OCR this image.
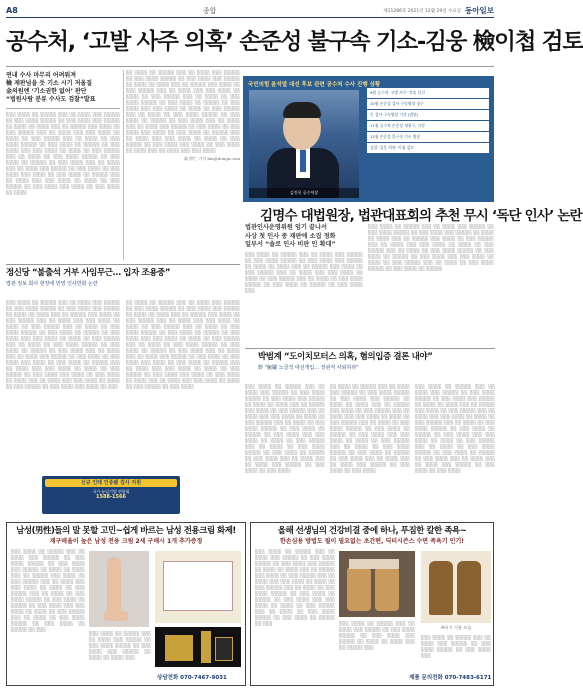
A8	종합	제11286호 2021년 12월 29일 수요일 동아일보
공수처, ‘고발 사주 의혹’ 손준성 불구속 기소-김웅 檢이첩 검토
연내 수사 마무리 어려워져
檢 재판넘을 듯 기소 시기 저울질
金의원엔 ‘기소권한 없어’ 판단
“법원사람 분류 수사도 검찰”발표
░░░ ░░░░ ░░ ░░░░░ ░░░ ░░ ░░░░ ░░░ ░░░░░ ░░ ░░░ ░░░░ ░░░░░ ░░ ░░░ ░░░░ ░░░ ░░░░░ ░░ ░░░░ ░░ ░░░░ ░░░ ░░ ░░░░░ ░░░ ░░░░ ░░ ░░░ ░░░░░ ░░░ ░░ ░░░░ ░░░ ░░░ ░░░░ ░░ ░░░░ ░░ ░░░ ░░░░░ ░░░ ░░ ░░░░ ░░ ░░░ ░░░░ ░░░░░ ░░ ░░░ ░░░░ ░░ ░░░░░ ░░ ░░░ ░░░░ ░░░ ░░░ ░░░░ ░░ ░░░░ ░░ ░░░ ░░░░░ ░░░ ░░ ░░░░ ░░ ░░░ ░░░░ ░░░░░ ░░ ░░░ ░░░░ ░░ ░░░░░ ░░ ░░░ ░░░░ ░░░ ░░ ░░░░ ░░░ ░░ ░░░░ ░░░ ░░░░░ ░░ ░░░ ░░░░ ░░ ░░░ ░░░░ ░░░ ░░░░ ░░ ░░░ ░░░░ ░░ ░░░░░ ░░░ ░░ ░░░░ ░░░ ░░░ ░░░░ ░░ ░░░░ ░░ ░░░ ░░░░░ ░░ ░░░ ░░░░ ░░░ ░░░░ ░░ ░░░ ░░░░ ░░ ░░░░
░░ ░░░░ ░░ ░░░░░ ░░░ ░░ ░░░░ ░░░ ░░░░░ ░░ ░░░ ░░░░ ░░░░░ ░░ ░░░ ░░░░ ░░░ ░░░░░ ░░ ░░░░ ░░ ░░░░ ░░░ ░░ ░░░░░ ░░░ ░░░░ ░░ ░░░ ░░░░░ ░░░ ░░ ░░░░ ░░░ ░░░ ░░░░ ░░ ░░░░ ░░ ░░░ ░░░░░ ░░░ ░░ ░░░░ ░░ ░░░ ░░░░ ░░░░░ ░░ ░░░ ░░░░ ░░ ░░░░░ ░░ ░░░ ░░░░ ░░░ ░░░ ░░░░ ░░ ░░░░ ░░ ░░░ ░░░░░ ░░░ ░░ ░░░░ ░░ ░░░ ░░░░ ░░░░░ ░░ ░░░ ░░░░ ░░ ░░░░░ ░░ ░░░ ░░░░ ░░░ ░░ ░░░░ ░░░ ░░ ░░░░ ░░░ ░░░░░ ░░ ░░░ ░░░░ ░░ ░░░ ░░░░ ░░░ ░░░░ ░░ ░░░ ░░░░ ░░ ░░░░░ ░░░ ░░ ░░░░ ░░░ ░░░ ░░░░ ░░ ░░░░ ░░ ░░░ ░░░░░ ░░ ░░░ ░░░░ ░░░ ░░░░ ░░ ░░░ ░░░░ ░░ ░░░░ ░░░ ░░ ░░░░ ░░░ ░░░ ░░░░
高 伊仁 기자 hm@donga.com
국민의힘 윤석열 대선 후보 관련 공수처 수사 진행 상황
김진욱 공수처장
9월 공수처 ‘고발 사주’ 의혹 입건
10월 손준성 검사 구속영장 청구
손 검사 구속영장 기각 (법원)
11월 공수처 손준성 재청구, 기각
12월 손준성 불구속 기소 방침
검찰 ‘김웅 의원’ 이첩 검토
김명수 대법원장, 법관대표회의 추천 무시 ‘독단 인사’ 논란
법관인사운영위원 임기 끝나서
사상 첫 인사 중 재판에 소집 정화
일부서 “솔로 인사 비판 인 확대”
░░░ ░░░░ ░░ ░░░░░ ░░░ ░░ ░░░░ ░░░ ░░░░░ ░░ ░░░ ░░░░ ░░░░░ ░░ ░░░ ░░░░ ░░░ ░░░░░ ░░ ░░░░ ░░ ░░░░ ░░░ ░░ ░░░░░ ░░░ ░░░░ ░░ ░░░ ░░░░░ ░░░ ░░ ░░░░ ░░░ ░░░ ░░░░ ░░ ░░░░ ░░ ░░░ ░░░░░ ░░░ ░░ ░░░░ ░░ ░░░ ░░░░ ░░░░░ ░░ ░░░ ░░░░ ░░ ░░░░░ ░░ ░░░ ░░░░ ░░░ ░░░ ░░░░ ░░ ░░░░ ░░ ░░░ ░░░░░ ░░░ ░░ ░░░░ ░░ ░░░ ░░░░ ░░░░░ ░░ ░░░ ░░░░ ░░ ░░░░░
░░░ ░░░░ ░░ ░░░░░ ░░░ ░░ ░░░░ ░░░ ░░░░░ ░░ ░░░ ░░░░ ░░░░░ ░░ ░░░ ░░░░ ░░░ ░░░░░ ░░ ░░░░ ░░ ░░░░ ░░░ ░░ ░░░░░ ░░░ ░░░░ ░░ ░░░ ░░░░░ ░░░ ░░ ░░░░ ░░░ ░░░ ░░░░ ░░ ░░░░ ░░ ░░░ ░░░░░ ░░░ ░░ ░░░░ ░░ ░░░ ░░░░ ░░░░░ ░░ ░░░ ░░░░ ░░ ░░░░░ ░░ ░░░ ░░░░ ░░░
정신당 “불출석 거부 사임무근… 입자 조용중”
법관 정보 회사 현장에 반영 인사반화 논란
░░░ ░░░░ ░░ ░░░░░ ░░░ ░░ ░░░░ ░░░ ░░░░░ ░░ ░░░ ░░░░ ░░░░░ ░░ ░░░ ░░░░ ░░░ ░░░░░ ░░ ░░░░ ░░ ░░░░ ░░░ ░░ ░░░░░ ░░░ ░░░░ ░░ ░░░ ░░░░░ ░░░ ░░ ░░░░ ░░░ ░░░ ░░░░ ░░ ░░░░ ░░ ░░░ ░░░░░ ░░░ ░░ ░░░░ ░░ ░░░ ░░░░ ░░░░░ ░░ ░░░ ░░░░ ░░ ░░░░░ ░░ ░░░ ░░░░ ░░░ ░░░ ░░░░ ░░ ░░░░ ░░ ░░░ ░░░░░ ░░░ ░░ ░░░░ ░░ ░░░ ░░░░ ░░░░░ ░░ ░░░ ░░░░ ░░ ░░░░░ ░░ ░░░ ░░░░ ░░░ ░░ ░░░░ ░░░ ░░ ░░░░ ░░░ ░░░░░ ░░ ░░░ ░░░░ ░░ ░░░ ░░░░ ░░░ ░░░░ ░░ ░░░ ░░░░ ░░ ░░░░░ ░░░ ░░ ░░░░ ░░░ ░░░ ░░░░ ░░ ░░░░ ░░ ░░░ ░░░░░ ░░ ░░░ ░░░░ ░░░ ░░░░ ░░ ░░░ ░░░░ ░░ ░░░░ ░░░ ░░ ░░░░ ░░░ ░░░ ░░░░ ░░ ░░░░ ░░ ░░░ ░░░░░ ░░ ░░░ ░░░░ ░░░ ░░░░ ░░ ░░░
░░ ░░░░ ░░ ░░░░░ ░░░ ░░ ░░░░ ░░░ ░░░░░ ░░ ░░░ ░░░░ ░░░░░ ░░ ░░░ ░░░░ ░░░ ░░░░░ ░░ ░░░░ ░░ ░░░░ ░░░ ░░ ░░░░░ ░░░ ░░░░ ░░ ░░░ ░░░░░ ░░░ ░░ ░░░░ ░░░ ░░░ ░░░░ ░░ ░░░░ ░░ ░░░ ░░░░░ ░░░ ░░ ░░░░ ░░ ░░░ ░░░░ ░░░░░ ░░ ░░░ ░░░░ ░░ ░░░░░ ░░ ░░░ ░░░░ ░░░ ░░░ ░░░░ ░░ ░░░░ ░░ ░░░ ░░░░░ ░░░ ░░ ░░░░ ░░ ░░░ ░░░░ ░░░░░ ░░ ░░░ ░░░░ ░░ ░░░░░ ░░ ░░░ ░░░░ ░░░ ░░ ░░░░ ░░░ ░░ ░░░░ ░░░ ░░░░░ ░░ ░░░ ░░░░ ░░ ░░░ ░░░░ ░░░ ░░░░ ░░ ░░░ ░░░░ ░░ ░░░░░ ░░░ ░░ ░░░░ ░░░ ░░░ ░░░░ ░░ ░░░░ ░░ ░░░ ░░░░░ ░░ ░░░ ░░░░ ░░░ ░░░░ ░░ ░░░ ░░░░ ░░ ░░░░ ░░░ ░░ ░░░░ ░░░ ░░░ ░░░░ ░░ ░░░░ ░░ ░░░ ░░░░░ ░░ ░░░ ░░░░
신규 인테 인증됐 검사 지원
국가 뉴딜기업 연합회
1588-1566
박범계 “도이치모터스 의혹, 혐의입증 결론 내야”
野 “鮑鬮 노골적 대선개입… 장관직 사퇴하라”
░░░ ░░░░ ░░ ░░░░░ ░░░ ░░ ░░░░ ░░░ ░░░░░ ░░ ░░░ ░░░░ ░░░░░ ░░ ░░░ ░░░░ ░░░ ░░░░░ ░░ ░░░░ ░░ ░░░░ ░░░ ░░ ░░░░░ ░░░ ░░░░ ░░ ░░░ ░░░░░ ░░░ ░░ ░░░░ ░░░ ░░░ ░░░░ ░░ ░░░░ ░░ ░░░ ░░░░░ ░░░ ░░ ░░░░ ░░ ░░░ ░░░░ ░░░░░ ░░ ░░░ ░░░░ ░░ ░░░░░ ░░ ░░░ ░░░░ ░░░ ░░░ ░░░░ ░░ ░░░░ ░░ ░░░ ░░░░░ ░░░ ░░ ░░░░ ░░ ░░░ ░░░░ ░░░░░ ░░ ░░░ ░░░░ ░░ ░░░░░ ░░ ░░░ ░░░░ ░░░ ░░ ░░░░ ░░░ ░░ ░░░░ ░░░ ░░░░░ ░░ ░░░ ░░░░ ░░ ░░░ ░░░░
░░ ░░░░ ░░ ░░░░░ ░░░ ░░ ░░░░ ░░░ ░░░░░ ░░ ░░░ ░░░░ ░░░░░ ░░ ░░░ ░░░░ ░░░ ░░░░░ ░░ ░░░░ ░░ ░░░░ ░░░ ░░ ░░░░░ ░░░ ░░░░ ░░ ░░░ ░░░░░ ░░░ ░░ ░░░░ ░░░ ░░░ ░░░░ ░░ ░░░░ ░░ ░░░ ░░░░░ ░░░ ░░ ░░░░ ░░ ░░░ ░░░░ ░░░░░ ░░ ░░░ ░░░░ ░░ ░░░░░ ░░ ░░░ ░░░░ ░░░ ░░░ ░░░░ ░░ ░░░░ ░░ ░░░ ░░░░░ ░░░ ░░ ░░░░ ░░ ░░░ ░░░░ ░░░░░ ░░ ░░░ ░░░░ ░░ ░░░░░ ░░ ░░░ ░░░░ ░░░ ░░ ░░░░ ░░░ ░░ ░░░░ ░░░ ░░░░░ ░░ ░░░ ░░░░ ░░ ░░░ ░░░░
░░░ ░░░░ ░░ ░░░░░ ░░░ ░░ ░░░░ ░░░ ░░░░░ ░░ ░░░ ░░░░ ░░░░░ ░░ ░░░ ░░░░ ░░░ ░░░░░ ░░ ░░░░ ░░ ░░░░ ░░░ ░░ ░░░░░ ░░░ ░░░░ ░░ ░░░ ░░░░░ ░░░ ░░ ░░░░ ░░░ ░░░ ░░░░ ░░ ░░░░ ░░ ░░░ ░░░░░ ░░░ ░░ ░░░░ ░░ ░░░ ░░░░ ░░░░░ ░░ ░░░ ░░░░ ░░ ░░░░░ ░░ ░░░ ░░░░ ░░░ ░░░ ░░░░ ░░ ░░░░ ░░ ░░░ ░░░░░ ░░░ ░░ ░░░░ ░░ ░░░ ░░░░ ░░░░░ ░░ ░░░ ░░░░ ░░ ░░░░░ ░░ ░░░ ░░░░ ░░░ ░░ ░░░░ ░░░ ░░ ░░░░ ░░░ ░░░░░ ░░ ░░░ ░░░░ ░░ ░░░ ░░░░
남성(男性)들의 말 못할 고민~쉽게 바르는 남성 전용크림 화제!
재구매율이 높은 남성 전용 크림 2세 구매시 1개 추가증정
░░░ ░░░░ ░░ ░░░░░ ░░░ ░░ ░░░░ ░░░ ░░░░░ ░░ ░░░ ░░░░ ░░░░░ ░░ ░░░ ░░░░ ░░░ ░░░░░ ░░ ░░░░ ░░ ░░░░ ░░░ ░░ ░░░░░ ░░░ ░░░░ ░░ ░░░ ░░░░░ ░░░ ░░ ░░░░ ░░░ ░░░ ░░░░ ░░ ░░░░ ░░ ░░░ ░░░░░ ░░░ ░░ ░░░░ ░░ ░░░ ░░░░ ░░░░░ ░░ ░░░ ░░░░ ░░ ░░░░░ ░░ ░░░ ░░░░ ░░░ ░░░ ░░░░ ░░ ░░░░ ░░ ░░░ ░░░░░ ░░░ ░░ ░░░░ ░░ ░░░ ░░░░ ░░░░░ ░░ ░░░ ░░░░ ░░ ░░░░░ ░░ ░░░
░░░ ░░░░ ░░ ░░░░░ ░░░ ░░ ░░░░ ░░░ ░░░░░ ░░ ░░░ ░░░░ ░░░░░ ░░ ░░░ ░░░░ ░░░ ░░░░░ ░░ ░░░░ ░░ ░░░░ ░░░
상담전화 070-7467-9031
올해 선생님의 건강비결 중에 하나, 푸짐한 칼한 족욕~
한손심용 방법도 필이 필요없는 초간편, 딕터시즌스 수면 족욕기 인기!
░░░ ░░░░ ░░ ░░░░░ ░░░ ░░ ░░░░ ░░░ ░░░░░ ░░ ░░░ ░░░░ ░░░░░ ░░ ░░░ ░░░░ ░░░ ░░░░░ ░░ ░░░░ ░░ ░░░░ ░░░ ░░ ░░░░░ ░░░ ░░░░ ░░ ░░░ ░░░░░ ░░░ ░░ ░░░░ ░░░ ░░░ ░░░░ ░░ ░░░░ ░░ ░░░ ░░░░░ ░░░ ░░ ░░░░ ░░ ░░░ ░░░░ ░░░░░ ░░ ░░░ ░░░░ ░░ ░░░░░ ░░ ░░░ ░░░░ ░░░ ░░░ ░░░░ ░░ ░░░░ ░░ ░░░ ░░░░░ ░░░ ░░ ░░░░ ░░ ░░░ ░░░░ ░░░░░ ░░ ░░░ ░░░░ ░░ ░░░░░ ░░ ░░░	░░░ ░░░░ ░░ ░░░░░ ░░░ ░░ ░░░░ ░░░ ░░░░░ ░░ ░░░ ░░░░ ░░░░░ ░░ ░░░ ░░░░ ░░░ ░░░░░ ░░ ░░░░ ░░ ░░░░ ░░░ ░░ ░░░░░ ░░░
족욕기 이용 모습
░░░ ░░░░ ░░ ░░░░░ ░░░ ░░ ░░░░ ░░░ ░░░░░ ░░ ░░░ ░░░░ ░░░░░ ░░ ░░░ ░░░░ ░░░
제품 문의전화 070-7483-6171
